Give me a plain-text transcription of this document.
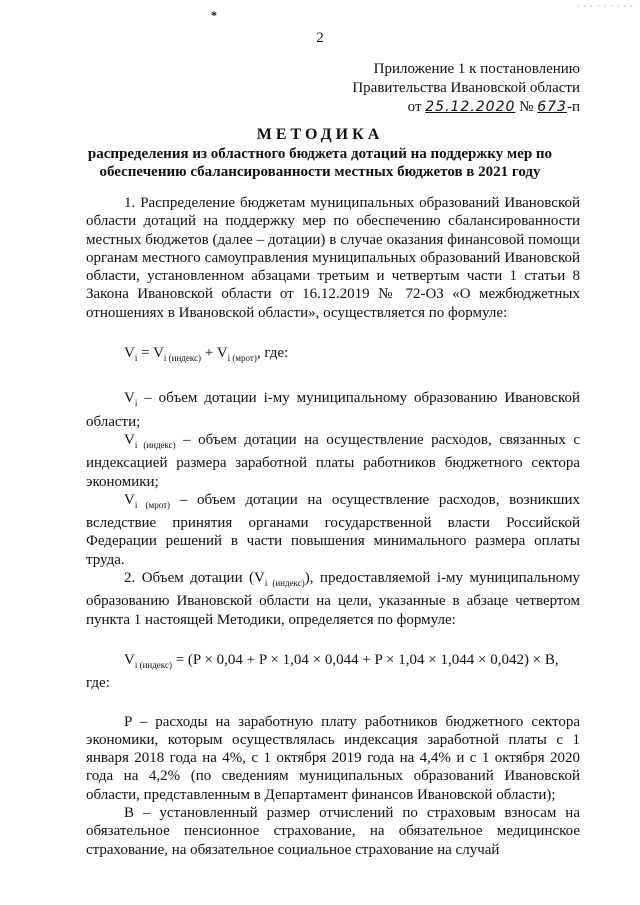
· · · · · · · · ·
*
2
Приложение 1 к постановлению
Правительства Ивановской области
от 25.12.2020 № 673-п
МЕТОДИКА
распределения из областного бюджета дотаций на поддержку мер по обеспечению сбалансированности местных бюджетов в 2021 году

1. Распределение бюджетам муниципальных образований Ивановской области дотаций на поддержку мер по обеспечению сбалансированности местных бюджетов (далее – дотации) в случае оказания финансовой помощи органам местного самоуправления муниципальных образований Ивановской области, установленном абзацами третьим и четвертым части 1 статьи 8 Закона Ивановской области от 16.12.2019 № 72-ОЗ «О межбюджетных отношениях в Ивановской области», осуществляется по формуле:

$V_i = V_{i (индекс)} + V_{i (мрот)}$, где:

$V_i$ – объем дотации i-му муниципальному образованию Ивановской области;

$V_{i (индекс)}$ – объем дотации на осуществление расходов, связанных с индексацией размера заработной платы работников бюджетного сектора экономики;

$V_{i (мрот)}$ – объем дотации на осуществление расходов, возникших вследствие принятия органами государственной власти Российской Федерации решений в части повышения минимального размера оплаты труда.

2. Объем дотации $(V_{i (индекс)})$, предоставляемой i-му муниципальному образованию Ивановской области на цели, указанные в абзаце четвертом пункта 1 настоящей Методики, определяется по формуле:

$V_{i (индекс)} = (P \times 0,04 + P \times 1,04 \times 0,044 + P \times 1,04 \times 1,044 \times 0,042) \times B$,

где:

P – расходы на заработную плату работников бюджетного сектора экономики, которым осуществлялась индексация заработной платы с 1 января 2018 года на 4%, с 1 октября 2019 года на 4,4% и с 1 октября 2020 года на 4,2% (по сведениям муниципальных образований Ивановской области, представленным в Департамент финансов Ивановской области);

B – установленный размер отчислений по страховым взносам на обязательное пенсионное страхование, на обязательное медицинское страхование, на обязательное социальное страхование на случай
